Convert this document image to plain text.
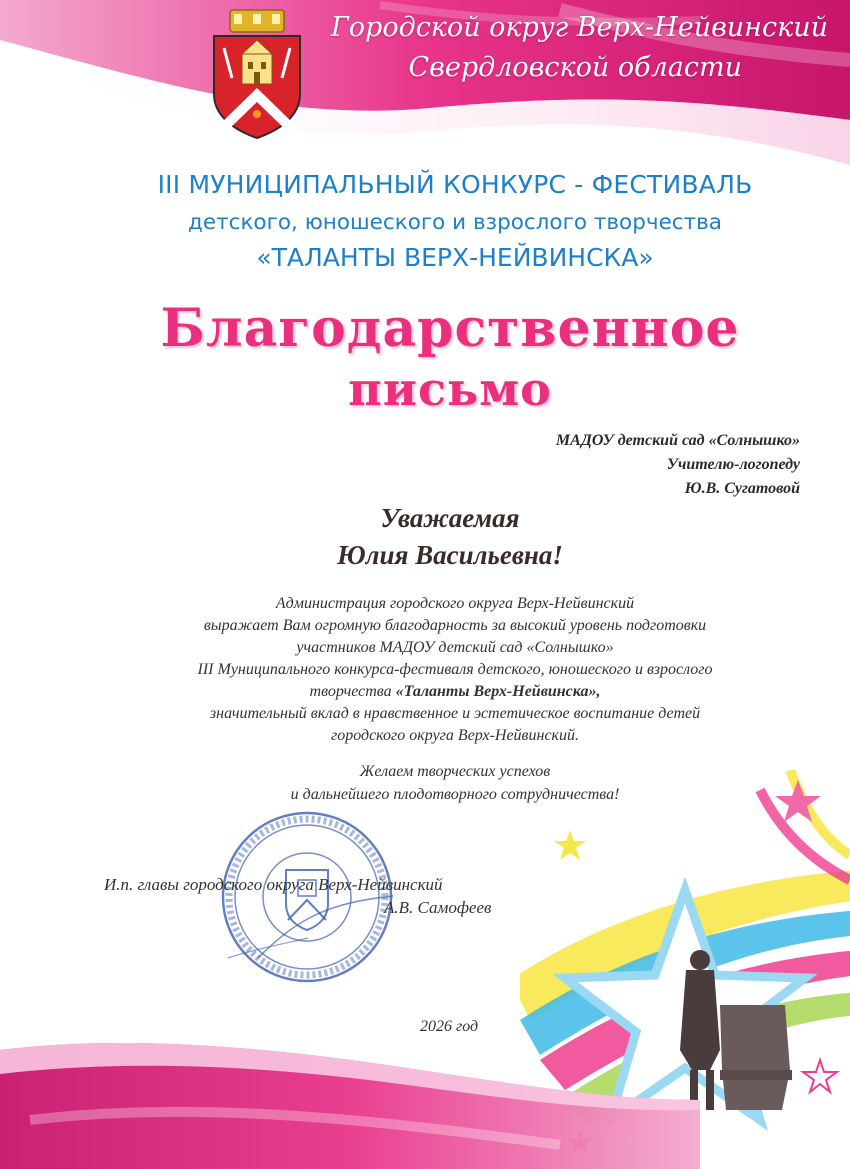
Городской округ Верх-Нейвинский
Свердловской области
III МУНИЦИПАЛЬНЫЙ КОНКУРС - ФЕСТИВАЛЬ
детского, юношеского и взрослого творчества
«ТАЛАНТЫ ВЕРХ-НЕЙВИНСКА»
Благодарственное
письмо
МАДОУ детский сад «Солнышко»
Учителю-логопеду
Ю.В. Сугатовой
Уважаемая
Юлия Васильевна!
Администрация городского округа Верх-Нейвинский
выражает Вам огромную благодарность за высокий уровень подготовки
участников МАДОУ детский сад «Солнышко»
III Муниципального конкурса-фестиваля детского, юношеского и взрослого
творчества «Таланты Верх-Нейвинска»,
значительный вклад в нравственное и эстетическое воспитание детей
городского округа Верх-Нейвинский.
Желаем творческих успехов
и дальнейшего плодотворного сотрудничества!
И.п. главы городского округа Верх-Нейвинский
А.В. Самофеев
2026 год
